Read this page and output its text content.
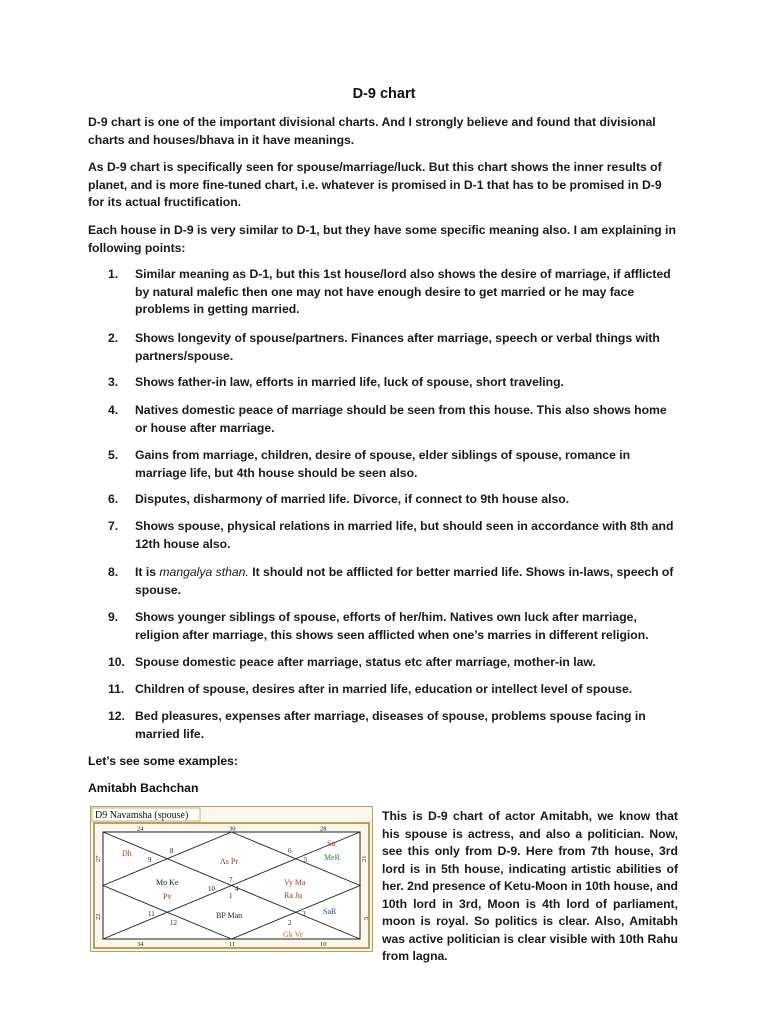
D-9 chart
D-9 chart is one of the important divisional charts. And I strongly believe and found that divisional charts and houses/bhava in it have meanings.
As D-9 chart is specifically seen for spouse/marriage/luck. But this chart shows the inner results of planet, and is more fine-tuned chart, i.e. whatever is promised in D-1 that has to be promised in D-9 for its actual fructification.
Each house in D-9 is very similar to D-1, but they have some specific meaning also. I am explaining in following points:
1.	Similar meaning as D-1, but this 1st house/lord also shows the desire of marriage, if afflicted by natural malefic then one may not have enough desire to get married or he may face problems in getting married.
2.	Shows longevity of spouse/partners. Finances after marriage, speech or verbal things with partners/spouse.
3.	Shows father-in law, efforts in married life, luck of spouse, short traveling.
4.	Natives domestic peace of marriage should be seen from this house. This also shows home or house after marriage.
5.	Gains from marriage, children, desire of spouse, elder siblings of spouse, romance in marriage life, but 4th house should be seen also.
6.	Disputes, disharmony of married life. Divorce, if connect to 9th house also.
7.	Shows spouse, physical relations in married life, but should seen in accordance with 8th and 12th house also.
8.	It is mangalya sthan. It should not be afflicted for better married life. Shows in-laws, speech of spouse.
9.	Shows younger siblings of spouse, efforts of her/him. Natives own luck after marriage, religion after marriage, this shows seen afflicted when one’s marries in different religion.
10. Spouse domestic peace after marriage, status etc after marriage, mother-in law.
11. Children of spouse, desires after in married life, education or intellect level of spouse.
12. Bed pleasures, expenses after marriage, diseases of spouse, problems spouse facing in married life.
Let’s see some examples:
Amitabh Bachchan
D9 Navamsha (spouse)
24	30	28
27
22
21
5
34	11	10
7
6
5
4
3
2
1
12
11
10
9
8
As Pr
Su
MeR
Vy Ma
Ra Ju
SaR
BP Man
Gk Ve
Mo Ke
Pv
Dh
This is D-9 chart of actor Amitabh, we know that his spouse is actress, and also a politician. Now, see this only from D-9. Here from 7th house, 3rd lord is in 5th house, indicating artistic abilities of her. 2nd presence of Ketu-Moon in 10th house, and 10th lord in 3rd, Moon is 4th lord of parliament, moon is royal. So politics is clear. Also, Amitabh was active politician is clear visible with 10th Rahu from lagna.
